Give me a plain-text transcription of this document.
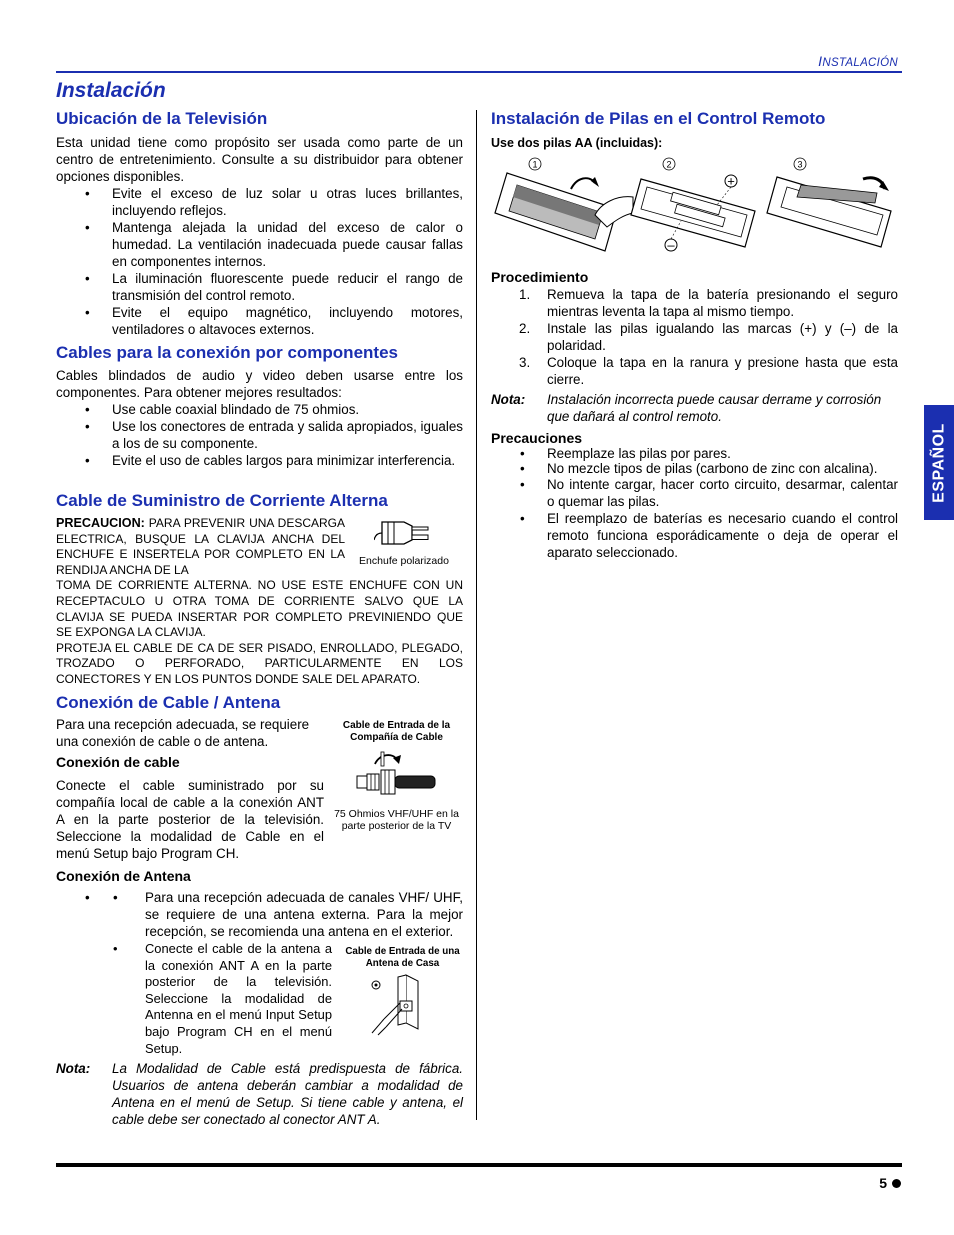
INSTALACIÓN
Instalación
ESPAÑOL
Ubicación de la Televisión

Esta unidad tiene como propósito ser usada como parte de un centro de entretenimiento. Consulte a su distribuidor para obtener opciones disponibles.

• Evite el exceso de luz solar u otras luces brillantes, incluyendo reflejos.
• Mantenga alejada la unidad del exceso de calor o humedad. La ventilación inadecuada puede causar fallas en componentes internos.
• La iluminación fluorescente puede reducir el rango de transmisión del control remoto.
• Evite el equipo magnético, incluyendo motores, ventiladores o altavoces externos.
Cables para la conexión por componentes

Cables blindados de audio y video deben usarse entre los componentes. Para obtener mejores resultados:

• Use cable coaxial blindado de 75 ohmios.
• Use los conectores de entrada y salida apropiados, iguales a los de su componente.
• Evite el uso de cables largos para minimizar interferencia.
Cable de Suministro de Corriente Alterna
PRECAUCION: PARA PREVENIR UNA DESCARGA ELECTRICA, BUSQUE LA CLAVIJA ANCHA DEL ENCHUFE E INSERTELA POR COMPLETO EN LA RENDIJA ANCHA DE LA
Enchufe polarizado
TOMA DE CORRIENTE ALTERNA. NO USE ESTE ENCHUFE CON UN RECEPTACULO U OTRA TOMA DE CORRIENTE SALVO QUE LA CLAVIJA SE PUEDA INSERTAR POR COMPLETO PREVINIENDO QUE SE EXPONGA LA CLAVIJA.
PROTEJA EL CABLE DE CA DE SER PISADO, ENROLLADO, PLEGADO, TROZADO O PERFORADO, PARTICULARMENTE EN LOS CONECTORES Y EN LOS PUNTOS DONDE SALE DEL APARATO.
Conexión de Cable / Antena

Para una recepción adecuada, se requiere una conexión de cable o de antena.

Conexión de cable

Conecte el cable suministrado por su compañía local de cable a la conexión ANT A en la parte posterior de la televisión. Seleccione la modalidad de Cable en el menú Setup bajo Program CH.

Cable de Entrada de la Compañía de Cable
75 Ohmios VHF/UHF en la parte posterior de la TV
Conexión de Antena
• • Para una recepción adecuada de canales VHF/ UHF, se requiere de una antena externa. Para la mejor recepción, se recomienda una antena en el exterior.
• Conecte el cable de la antena a la conexión ANT A en la parte posterior de la televisión. Seleccione la modalidad de Antenna en el menú Input Setup bajo Program CH en el menú Setup.
Cable de Entrada de una Antena de Casa
Nota:	La Modalidad de Cable está predispuesta de fábrica. Usuarios de antena deberán cambiar a modalidad de Antena en el menú de Setup. Si tiene cable y antena, el cable debe ser conectado al conector ANT A.
Instalación de Pilas en el Control Remoto
Use dos pilas AA (incluidas):
1	2	3
+
–
Procedimiento
1. Remueva la tapa de la batería presionando el seguro mientras leventa la tapa al mismo tiempo.
2. Instale las pilas igualando las marcas (+) y (–) de la polaridad.
3. Coloque la tapa en la ranura y presione hasta que esta cierre.
Nota:	Instalación incorrecta puede causar derrame y corrosión que dañará al control remoto.
Precauciones
• Reemplaze las pilas por pares.
• No mezcle tipos de pilas (carbono de zinc con alcalina).
• No intente cargar, hacer corto circuito, desarmar, calentar o quemar las pilas.
• El reemplazo de baterías es necesario cuando el control remoto funciona esporádicamente o deja de operar el aparato seleccionado.
5
